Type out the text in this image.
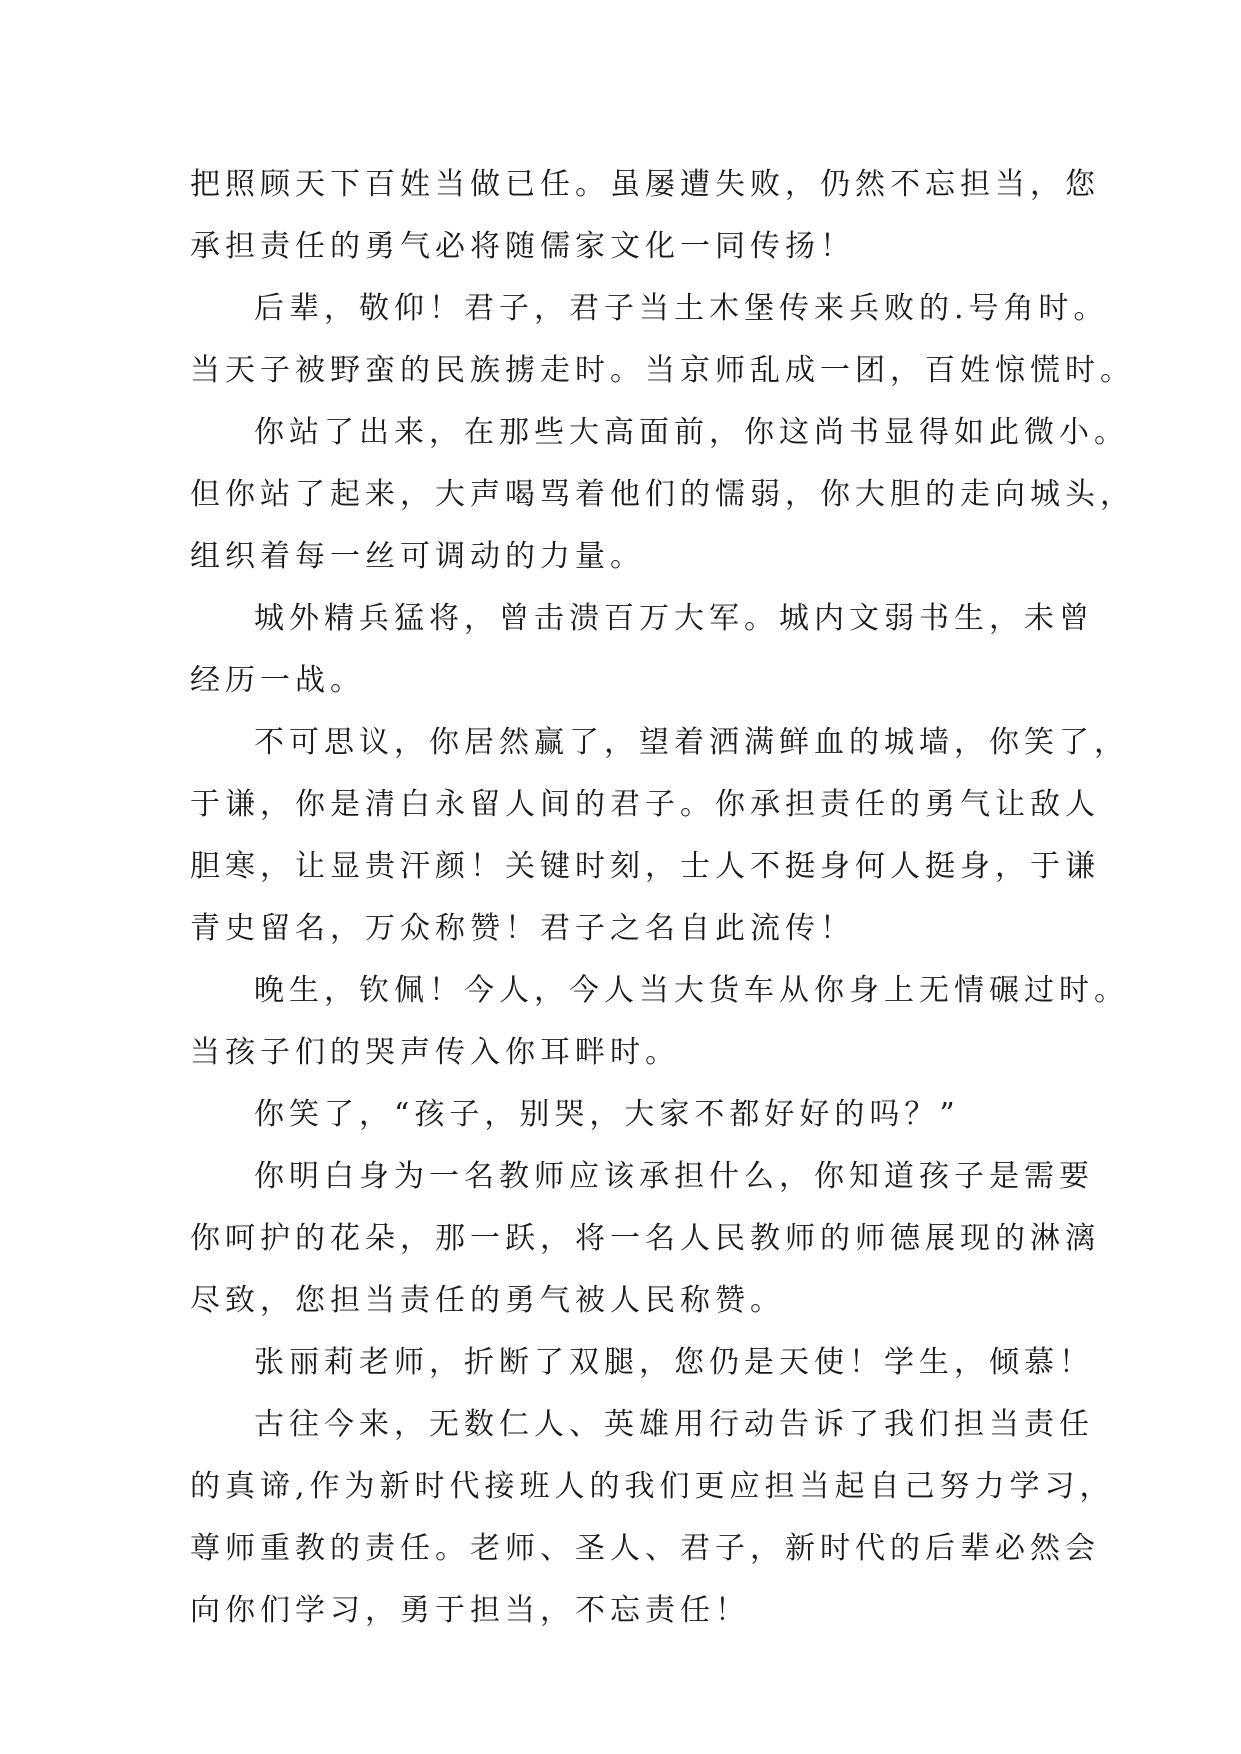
把照顾天下百姓当做已任。虽屡遭失败，仍然不忘担当，您
承担责任的勇气必将随儒家文化一同传扬！
后辈，敬仰！君子，君子当土木堡传来兵败的.号角时。
当天子被野蛮的民族掳走时。当京师乱成一团，百姓惊慌时。
你站了出来，在那些大高面前，你这尚书显得如此微小。
但你站了起来，大声喝骂着他们的懦弱，你大胆的走向城头，
组织着每一丝可调动的力量。
城外精兵猛将，曾击溃百万大军。城内文弱书生，未曾
经历一战。
不可思议，你居然赢了，望着洒满鲜血的城墙，你笑了，
于谦，你是清白永留人间的君子。你承担责任的勇气让敌人
胆寒，让显贵汗颜！关键时刻，士人不挺身何人挺身，于谦
青史留名，万众称赞！君子之名自此流传！
晚生，钦佩！今人，今人当大货车从你身上无情碾过时。
当孩子们的哭声传入你耳畔时。
你笑了，“孩子，别哭，大家不都好好的吗？”
你明白身为一名教师应该承担什么，你知道孩子是需要
你呵护的花朵，那一跃，将一名人民教师的师德展现的淋漓
尽致，您担当责任的勇气被人民称赞。
张丽莉老师，折断了双腿，您仍是天使！学生，倾慕！
古往今来，无数仁人、英雄用行动告诉了我们担当责任
的真谛,作为新时代接班人的我们更应担当起自己努力学习，
尊师重教的责任。老师、圣人、君子，新时代的后辈必然会
向你们学习，勇于担当，不忘责任！
